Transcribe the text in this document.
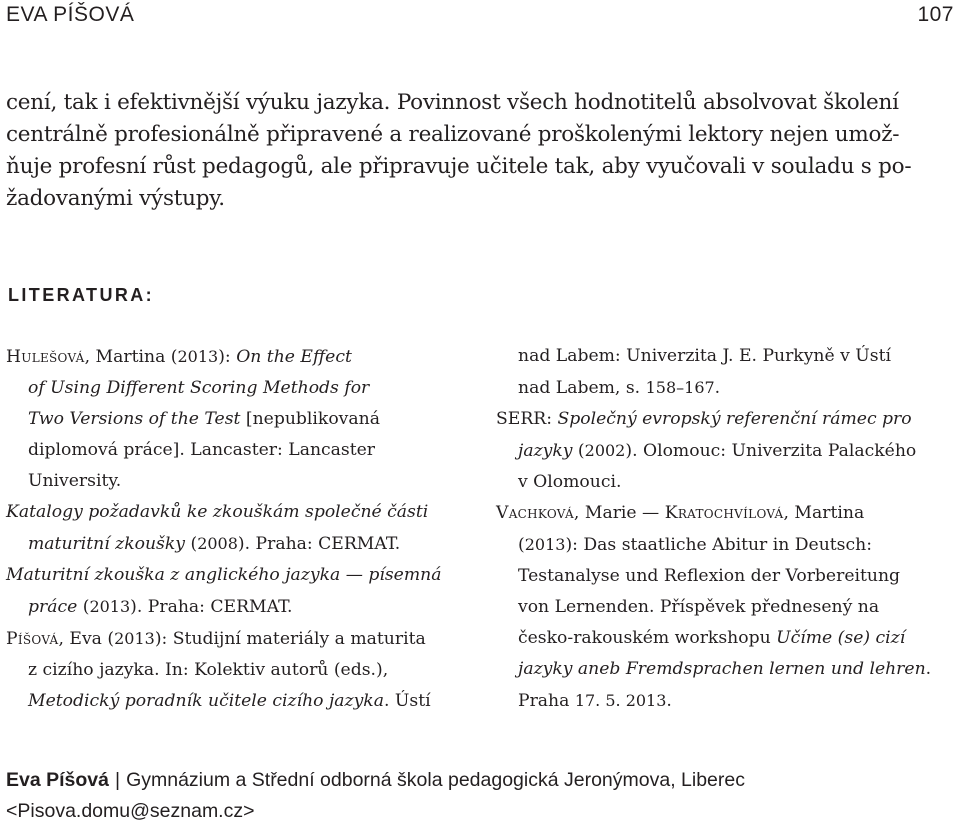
EVA PÍŠOVÁ	107
cení, tak i efektivnější výuku jazyka. Povinnost všech hodnotitelů absolvovat školení
centrálně profesionálně připravené a realizované proškolenými lektory nejen umož-
ňuje profesní růst pedagogů, ale připravuje učitele tak, aby vyučovali v souladu s po-
žadovanými výstupy.
LITERATURA:
Hulešová, Martina (2013): On the Effect
of Using Different Scoring Methods for
Two Versions of the Test [nepublikovaná
diplomová práce]. Lancaster: Lancaster
University.
Katalogy požadavků ke zkouškám společné části
maturitní zkoušky (2008). Praha: CERMAT.
Maturitní zkouška z anglického jazyka — písemná
práce (2013). Praha: CERMAT.
Píšová, Eva (2013): Studijní materiály a maturita
z cizího jazyka. In: Kolektiv autorů (eds.),
Metodický poradník učitele cizího jazyka. Ústí
nad Labem: Univerzita J. E. Purkyně v Ústí
nad Labem, s. 158–167.
SERR: Společný evropský referenční rámec pro
jazyky (2002). Olomouc: Univerzita Palackého
v Olomouci.
Vachková, Marie — Kratochvílová, Martina
(2013): Das staatliche Abitur in Deutsch:
Testanalyse und Reflexion der Vorbereitung
von Lernenden. Příspěvek přednesený na
česko-rakouském workshopu Učíme (se) cizí
jazyky aneb Fremdsprachen lernen und lehren.
Praha 17. 5. 2013.
Eva Píšová | Gymnázium a Střední odborná škola pedagogická Jeronýmova, Liberec
<Pisova.domu@seznam.cz>
